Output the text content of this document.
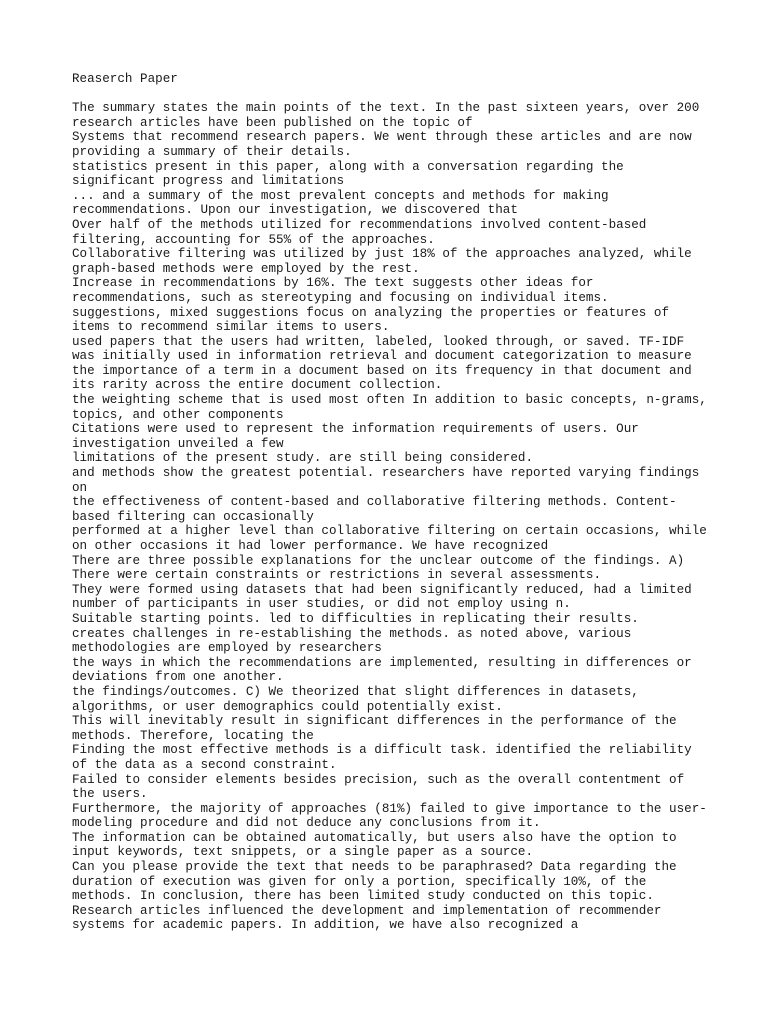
Reaserch Paper
The summary states the main points of the text. In the past sixteen years, over 200 research articles have been published on the topic of
Systems that recommend research papers. We went through these articles and are now providing a summary of their details.
statistics present in this paper, along with a conversation regarding the significant progress and limitations
... and a summary of the most prevalent concepts and methods for making recommendations. Upon our investigation, we discovered that
Over half of the methods utilized for recommendations involved content-based filtering, accounting for 55% of the approaches.
Collaborative filtering was utilized by just 18% of the approaches analyzed, while graph-based methods were employed by the rest.
Increase in recommendations by 16%. The text suggests other ideas for recommendations, such as stereotyping and focusing on individual items.
suggestions, mixed suggestions focus on analyzing the properties or features of items to recommend similar items to users.
used papers that the users had written, labeled, looked through, or saved. TF-IDF was initially used in information retrieval and document categorization to measure the importance of a term in a document based on its frequency in that document and its rarity across the entire document collection.
the weighting scheme that is used most often In addition to basic concepts, n-grams, topics, and other components
Citations were used to represent the information requirements of users. Our investigation unveiled a few
limitations of the present study. are still being considered.
and methods show the greatest potential. researchers have reported varying findings on
the effectiveness of content-based and collaborative filtering methods. Content-based filtering can occasionally
performed at a higher level than collaborative filtering on certain occasions, while on other occasions it had lower performance. We have recognized
There are three possible explanations for the unclear outcome of the findings. A) There were certain constraints or restrictions in several assessments.
They were formed using datasets that had been significantly reduced, had a limited number of participants in user studies, or did not employ using n.
Suitable starting points. led to difficulties in replicating their results.
creates challenges in re-establishing the methods. as noted above, various methodologies are employed by researchers
the ways in which the recommendations are implemented, resulting in differences or deviations from one another.
the findings/outcomes. C) We theorized that slight differences in datasets, algorithms, or user demographics could potentially exist.
This will inevitably result in significant differences in the performance of the methods. Therefore, locating the
Finding the most effective methods is a difficult task. identified the reliability of the data as a second constraint.
Failed to consider elements besides precision, such as the overall contentment of the users.
Furthermore, the majority of approaches (81%) failed to give importance to the user-modeling procedure and did not deduce any conclusions from it.
The information can be obtained automatically, but users also have the option to input keywords, text snippets, or a single paper as a source.
Can you please provide the text that needs to be paraphrased? Data regarding the duration of execution was given for only a portion, specifically 10%, of the methods. In conclusion, there has been limited study conducted on this topic.
Research articles influenced the development and implementation of recommender systems for academic papers. In addition, we have also recognized a
